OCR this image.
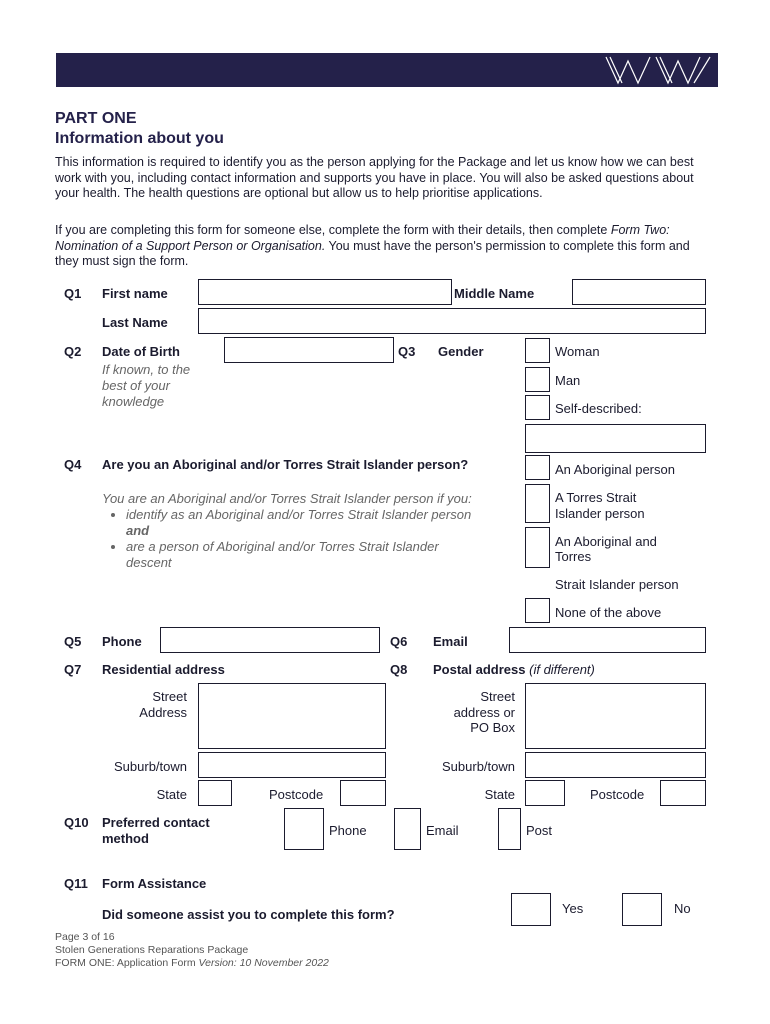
PART ONE
Information about you

This information is required to identify you as the person applying for the Package and let us know how we can best work with you, including contact information and supports you have in place. You will also be asked questions about your health. The health questions are optional but allow us to help prioritise applications.

If you are completing this form for someone else, complete the form with their details, then complete Form Two: Nomination of a Support Person or Organisation. You must have the person's permission to complete this form and they must sign the form.

Q1 First name	Middle Name
Last Name
Q2 Date of Birth
If known, to the
best of your
knowledge
Q3 Gender	Woman
Man
Self-described:
Q4 Are you an Aboriginal and/or Torres Strait Islander person?
You are an Aboriginal and/or Torres Strait Islander person if you:
• identify as an Aboriginal and/or Torres Strait Islander person
and
• are a person of Aboriginal and/or Torres Strait Islander
descent
An Aboriginal person
A Torres Strait
Islander person
An Aboriginal and
Torres
Strait Islander person
None of the above
Q5 Phone	Q6 Email
Q7 Residential address	Q8 Postal address (if different)
Street
Address
Street
address or
PO Box
Suburb/town	Suburb/town
State	Postcode	State	Postcode
Q10 Preferred contact
method
Phone	Email	Post
Q11 Form Assistance
Did someone assist you to complete this form?	Yes	No
Page 3 of 16
Stolen Generations Reparations Package
FORM ONE: Application Form Version: 10 November 2022
